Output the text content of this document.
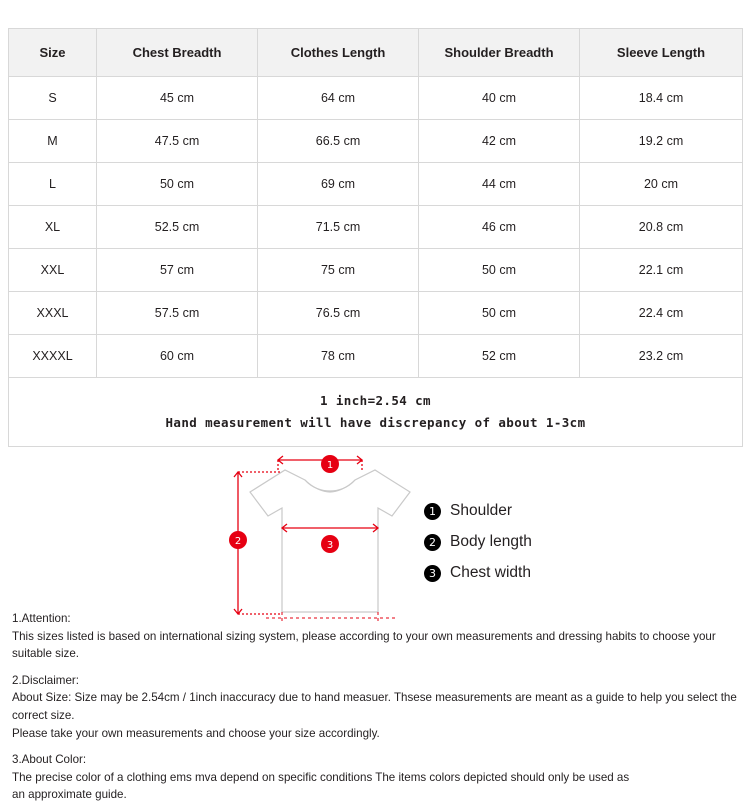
Size	Chest Breadth	Clothes Length	Shoulder Breadth	Sleeve Length
S	45 cm	64 cm	40 cm	18.4 cm
M	47.5 cm	66.5 cm	42 cm	19.2 cm
L	50 cm	69 cm	44 cm	20 cm
XL	52.5 cm	71.5 cm	46 cm	20.8 cm
XXL	57 cm	75 cm	50 cm	22.1 cm
XXXL	57.5 cm	76.5 cm	50 cm	22.4 cm
XXXXL	60 cm	78 cm	52 cm	23.2 cm

1 inch=2.54 cm
Hand measurement will have discrepancy of about 1-3cm				
1
2	3
1 Shoulder
2 Body length
3 Chest width
1.Attention:
This sizes listed is based on international sizing system, please according to your own measurements and dressing habits to choose your suitable size.
2.Disclaimer:
About Size: Size may be 2.54cm / 1inch inaccuracy due to hand measuer. Thsese measurements are meant as a guide to help you select the correct size.
Please take your own measurements and choose your size accordingly.
3.About Color:
The precise color of a clothing ems mva depend on specific conditions The items colors depicted should only be used as
an approximate guide.
